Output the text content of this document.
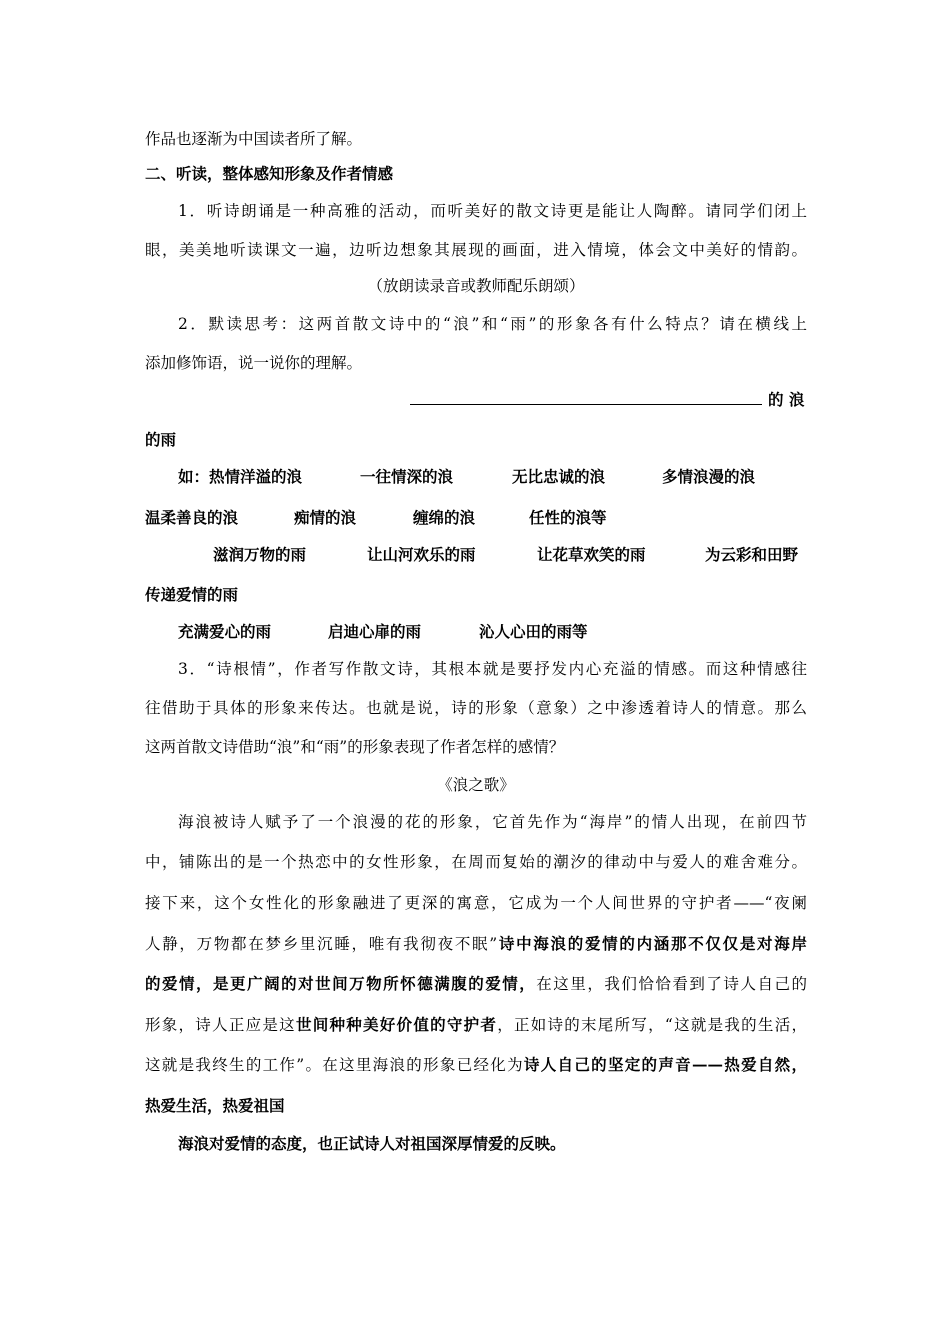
作品也逐渐为中国读者所了解。
二、听读，整体感知形象及作者情感
1．听诗朗诵是一种高雅的活动，而听美好的散文诗更是能让人陶醉。请同学们闭上
眼，美美地听读课文一遍，边听边想象其展现的画面，进入情境，体会文中美好的情韵。
（放朗读录音或教师配乐朗颂）
2．默读思考：这两首散文诗中的“浪”和“雨”的形象各有什么特点？请在横线上
添加修饰语，说一说你的理解。
的 浪
的雨
如：热情洋溢的浪	一往情深的浪	无比忠诚的浪	多情浪漫的浪
温柔善良的浪	痴情的浪	缠绵的浪	任性的浪等
滋润万物的雨	让山河欢乐的雨	让花草欢笑的雨	为云彩和田野
传递爱情的雨
充满爱心的雨	启迪心扉的雨	沁人心田的雨等
3．“诗根情”，作者写作散文诗，其根本就是要抒发内心充溢的情感。而这种情感往
往借助于具体的形象来传达。也就是说，诗的形象（意象）之中渗透着诗人的情意。那么
这两首散文诗借助“浪”和“雨”的形象表现了作者怎样的感情？
《浪之歌》
海浪被诗人赋予了一个浪漫的花的形象，它首先作为“海岸”的情人出现，在前四节
中，铺陈出的是一个热恋中的女性形象，在周而复始的潮汐的律动中与爱人的难舍难分。
接下来，这个女性化的形象融进了更深的寓意，它成为一个人间世界的守护者——“夜阑
人静，万物都在梦乡里沉睡，唯有我彻夜不眠”诗中海浪的爱情的内涵那不仅仅是对海岸
的爱情，是更广阔的对世间万物所怀德满腹的爱情，在这里，我们恰恰看到了诗人自己的
形象，诗人正应是这世间种种美好价值的守护者，正如诗的末尾所写，“这就是我的生活，
这就是我终生的工作”。在这里海浪的形象已经化为诗人自己的坚定的声音——热爱自然，
热爱生活，热爱祖国
海浪对爱情的态度，也正试诗人对祖国深厚情爱的反映。
